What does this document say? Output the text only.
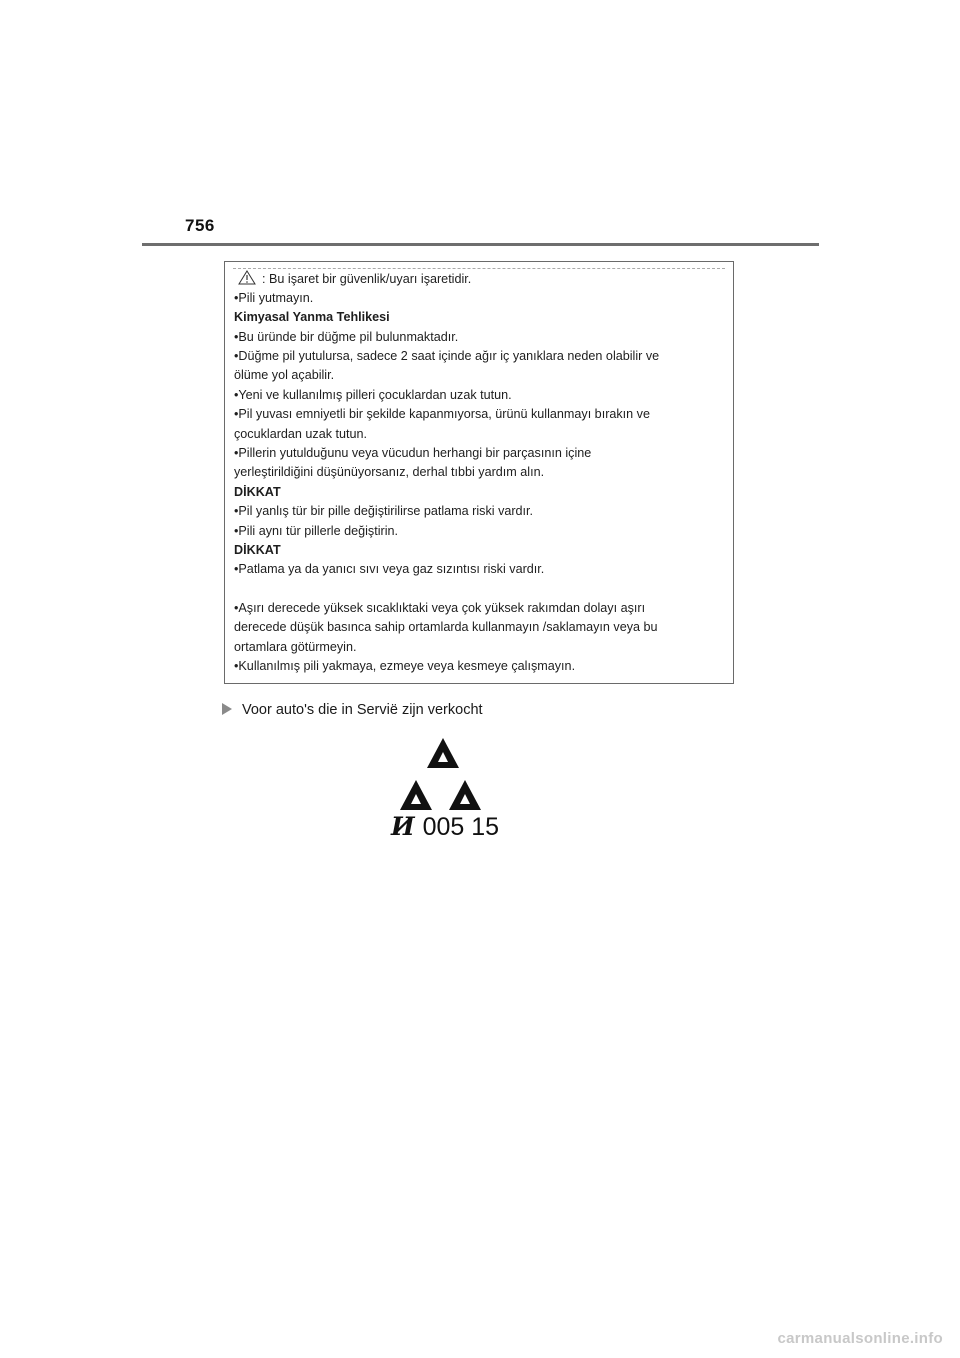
756
: Bu işaret bir güvenlik/uyarı işaretidir.
•Pili yutmayın.
Kimyasal Yanma Tehlikesi
•Bu üründe bir düğme pil bulunmaktadır.
•Düğme pil yutulursa, sadece 2 saat içinde ağır iç yanıklara neden olabilir ve
ölüme yol açabilir.
•Yeni ve kullanılmış pilleri çocuklardan uzak tutun.
•Pil yuvası emniyetli bir şekilde kapanmıyorsa, ürünü kullanmayı bırakın ve
çocuklardan uzak tutun.
•Pillerin yutulduğunu veya vücudun herhangi bir parçasının içine
yerleştirildiğini düşünüyorsanız, derhal tıbbi yardım alın.
DİKKAT
•Pil yanlış tür bir pille değiştirilirse patlama riski vardır.
•Pili aynı tür pillerle değiştirin.
DİKKAT
•Patlama ya da yanıcı sıvı veya gaz sızıntısı riski vardır.
•Aşırı derecede yüksek sıcaklıktaki veya çok yüksek rakımdan dolayı aşırı
derecede düşük basınca sahip ortamlarda kullanmayın /saklamayın veya bu
ortamlara götürmeyin.
•Kullanılmış pili yakmaya, ezmeye veya kesmeye çalışmayın.
Voor auto's die in Servië zijn verkocht
И 005 15
carmanualsonline.info
